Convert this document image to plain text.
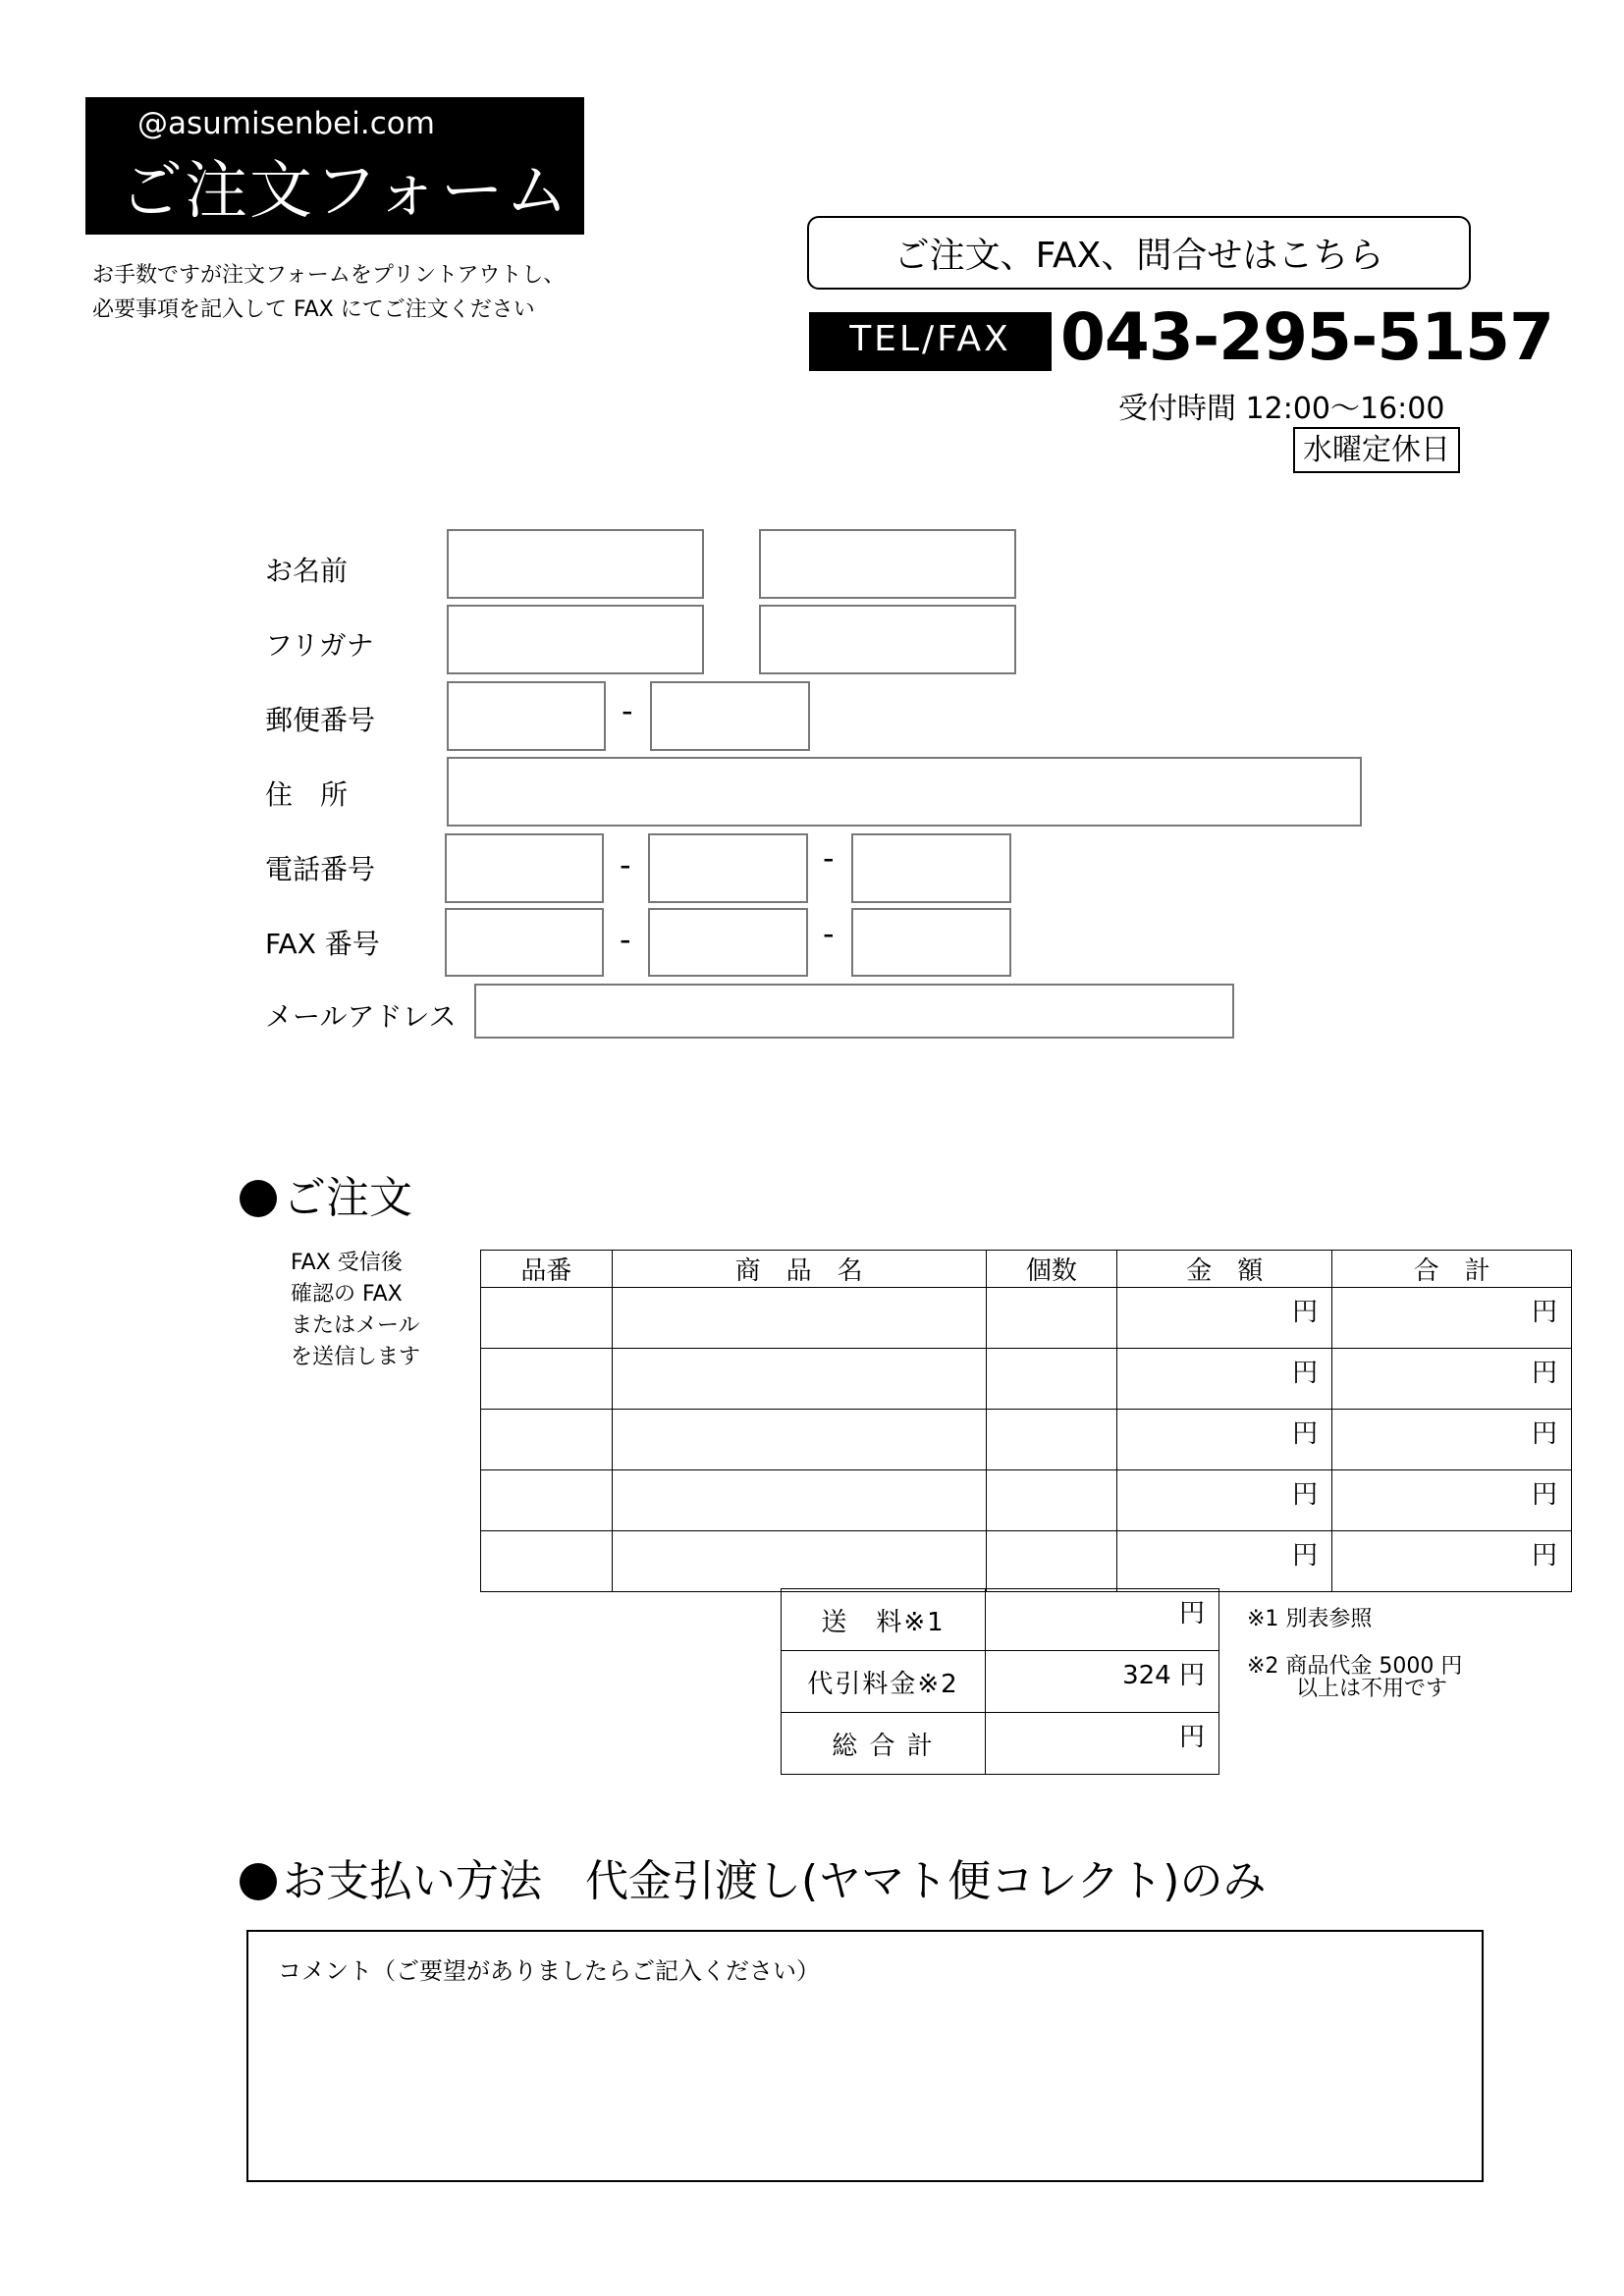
@asumisenbei.com
ご注文フォーム
お手数ですが注文フォームをプリントアウトし、
必要事項を記入して FAX にてご注文ください
ご注文、FAX、問合せはこちら
TEL/FAX 043-295-5157
受付時間 12:00〜16:00
水曜定休日
お名前
フリガナ
郵便番号	-
住　所
電話番号	-	-
FAX 番号	-	-
メールアドレス
ご注文
FAX 受信後
確認の FAX
またはメール
を送信します
品番	商　品　名	個数	金　額	合　計
			円	円
			円	円
			円	円
			円	円
			円	円
送　料※1	円
代引料金※2	324 円
総 合 計	円
※1 別表参照
※2 商品代金 5000 円
以上は不用です
お支払い方法　代金引渡し(ヤマト便コレクト)のみ
コメント（ご要望がありましたらご記入ください）
